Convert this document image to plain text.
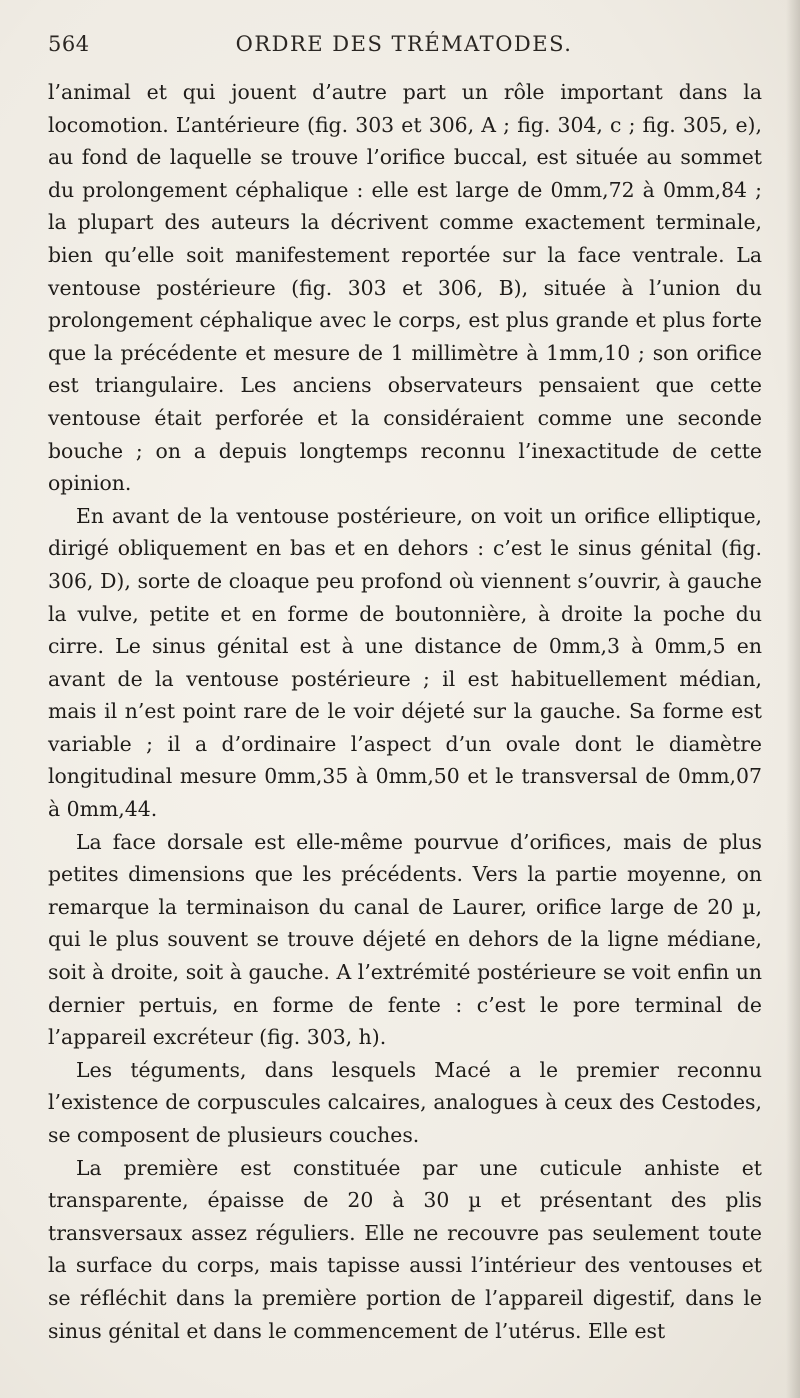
564	ORDRE DES TRÉMATODES.

l’animal et qui jouent d’autre part un rôle important dans la locomotion. L’antérieure (fig. 303 et 306, A ; fig. 304, c ; fig. 305, e), au fond de laquelle se trouve l’orifice buccal, est située au sommet du prolongement céphalique : elle est large de 0mm,72 à 0mm,84 ; la plupart des auteurs la décrivent comme exactement terminale, bien qu’elle soit manifestement reportée sur la face ventrale. La ventouse postérieure (fig. 303 et 306, B), située à l’union du prolongement céphalique avec le corps, est plus grande et plus forte que la précédente et mesure de 1 millimètre à 1mm,10 ; son orifice est triangulaire. Les anciens observateurs pensaient que cette ventouse était perforée et la considéraient comme une seconde bouche ; on a depuis longtemps reconnu l’inexactitude de cette opinion.

En avant de la ventouse postérieure, on voit un orifice elliptique, dirigé obliquement en bas et en dehors : c’est le sinus génital (fig. 306, D), sorte de cloaque peu profond où viennent s’ouvrir, à gauche la vulve, petite et en forme de boutonnière, à droite la poche du cirre. Le sinus génital est à une distance de 0mm,3 à 0mm,5 en avant de la ventouse postérieure ; il est habituellement médian, mais il n’est point rare de le voir déjeté sur la gauche. Sa forme est variable ; il a d’ordinaire l’aspect d’un ovale dont le diamètre longitudinal mesure 0mm,35 à 0mm,50 et le transversal de 0mm,07 à 0mm,44.

La face dorsale est elle-même pourvue d’orifices, mais de plus petites dimensions que les précédents. Vers la partie moyenne, on remarque la terminaison du canal de Laurer, orifice large de 20 µ, qui le plus souvent se trouve déjeté en dehors de la ligne médiane, soit à droite, soit à gauche. A l’extrémité postérieure se voit enfin un dernier pertuis, en forme de fente : c’est le pore terminal de l’appareil excréteur (fig. 303, h).

Les téguments, dans lesquels Macé a le premier reconnu l’existence de corpuscules calcaires, analogues à ceux des Cestodes, se composent de plusieurs couches.

La première est constituée par une cuticule anhiste et transparente, épaisse de 20 à 30 µ et présentant des plis transversaux assez réguliers. Elle ne recouvre pas seulement toute la surface du corps, mais tapisse aussi l’intérieur des ventouses et se réfléchit dans la première portion de l’appareil digestif, dans le sinus génital et dans le commencement de l’utérus. Elle est
